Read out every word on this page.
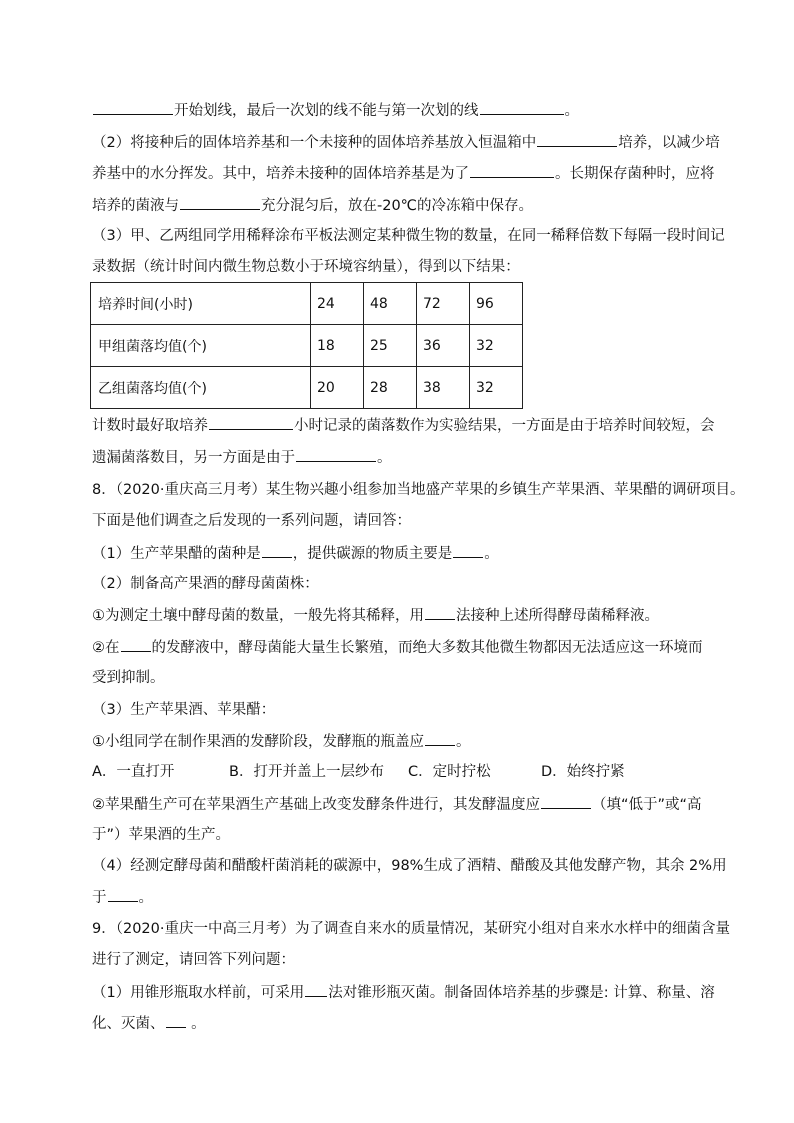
开始划线，最后一次划的线不能与第一次划的线	。
（2）将接种后的固体培养基和一个未接种的固体培养基放入恒温箱中	培养，以减少培
养基中的水分挥发。其中，培养未接种的固体培养基是为了	。长期保存菌种时，应将
培养的菌液与	充分混匀后，放在-20℃的冷冻箱中保存。
（3）甲、乙两组同学用稀释涂布平板法测定某种微生物的数量，在同一稀释倍数下每隔一段时间记
录数据（统计时间内微生物总数小于环境容纳量），得到以下结果：
培养时间(小时)	24	48	72	96
甲组菌落均值(个)	18	25	36	32
乙组菌落均值(个)	20	28	38	32
计数时最好取培养	小时记录的菌落数作为实验结果，一方面是由于培养时间较短，会
遗漏菌落数目，另一方面是由于	。
8．（2020·重庆高三月考）某生物兴趣小组参加当地盛产苹果的乡镇生产苹果酒、苹果醋的调研项目。
下面是他们调查之后发现的一系列问题，请回答：
（1）生产苹果醋的菌种是 ，提供碳源的物质主要是 。
（2）制备高产果酒的酵母菌菌株：
①为测定土壤中酵母菌的数量，一般先将其稀释，用 法接种上述所得酵母菌稀释液。
②在 的发酵液中，酵母菌能大量生长繁殖，而绝大多数其他微生物都因无法适应这一环境而
受到抑制。
（3）生产苹果酒、苹果醋：
①小组同学在制作果酒的发酵阶段，发酵瓶的瓶盖应 。
A．一直打开	B．打开并盖上一层纱布 C．定时拧松	D．始终拧紧
②苹果醋生产可在苹果酒生产基础上改变发酵条件进行，其发酵温度应	（填“低于”或“高
于”）苹果酒的生产。
（4）经测定酵母菌和醋酸杆菌消耗的碳源中，98%生成了酒精、醋酸及其他发酵产物，其余 2%用
于 。
9．（2020·重庆一中高三月考）为了调查自来水的质量情况，某研究小组对自来水水样中的细菌含量
进行了测定，请回答下列问题：
（1）用锥形瓶取水样前，可采用 法对锥形瓶灭菌。制备固体培养基的步骤是: 计算、称量、溶
化、灭菌、 。
